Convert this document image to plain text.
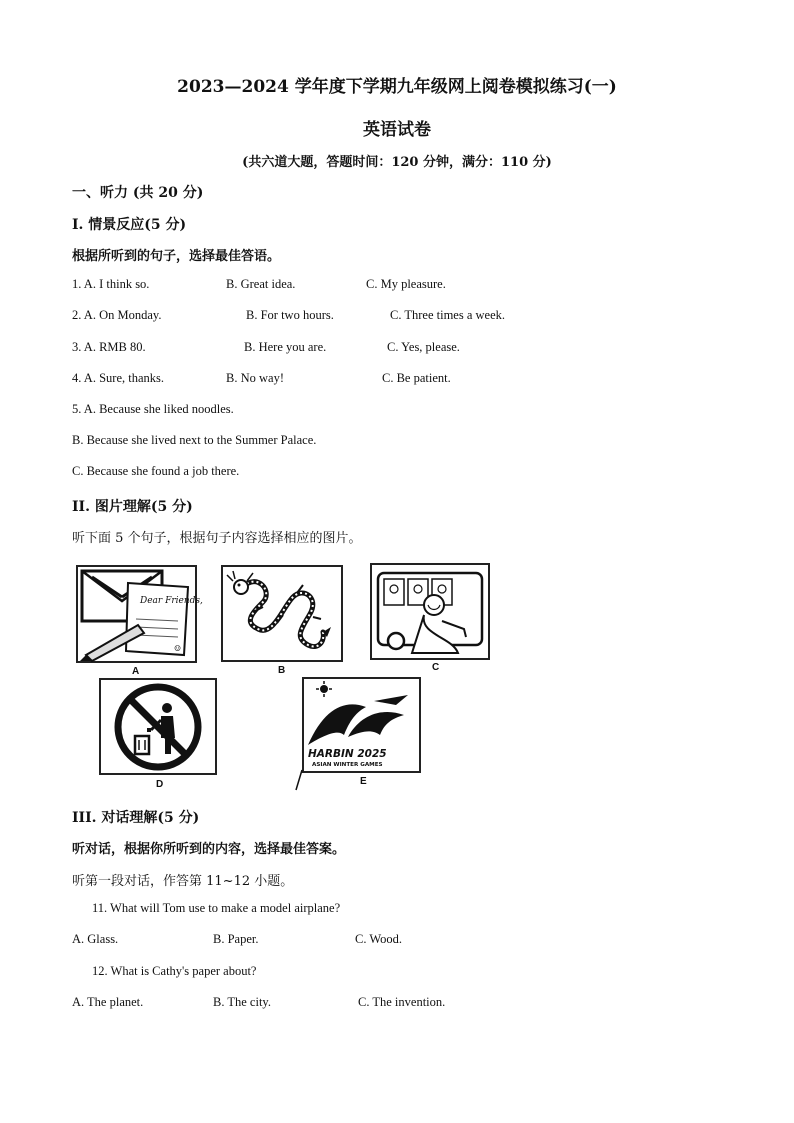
2023—2024 学年度下学期九年级网上阅卷模拟练习(一)
英语试卷
(共六道大题，答题时间：120 分钟，满分：110 分)
一、听力 (共 20 分)
I. 情景反应(5 分)
根据所听到的句子，选择最佳答语。
1. A. I think so.	B. Great idea.	C. My pleasure.
2. A. On Monday.	B. For two hours.	C. Three times a week.
3. A. RMB 80.	B. Here you are.	C. Yes, please.
4. A. Sure, thanks.	B. No way!	C. Be patient.
5. A. Because she liked noodles.
B. Because she lived next to the Summer Palace.
C. Because she found a job there.
II. 图片理解(5 分)
听下面 5 个句子，根据句子内容选择相应的图片。
Dear Friends,
☺
A	B	C
D
HARBIN 2025
ASIAN WINTER GAMES
E
III. 对话理解(5 分)
听对话，根据你所听到的内容，选择最佳答案。
听第一段对话，作答第 11~12 小题。
11. What will Tom use to make a model airplane?
A. Glass.	B. Paper.	C. Wood.
12. What is Cathy's paper about?
A. The planet.	B. The city.	C. The invention.
